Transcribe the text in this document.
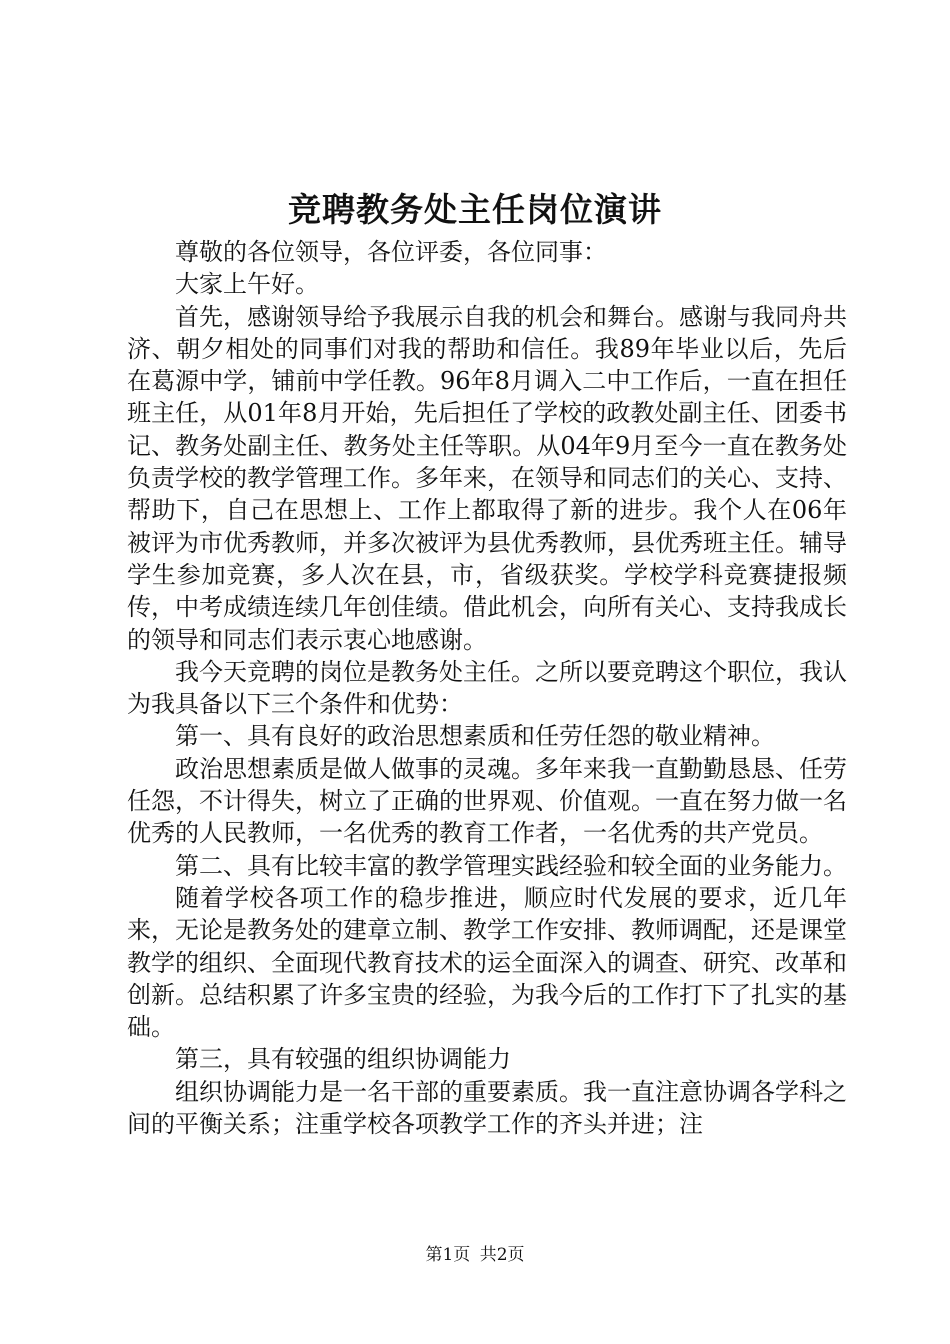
竞聘教务处主任岗位演讲

尊敬的各位领导，各位评委，各位同事：

大家上午好。

首先，感谢领导给予我展示自我的机会和舞台。感谢与我同舟共济、朝夕相处的同事们对我的帮助和信任。我89年毕业以后，先后在葛源中学，铺前中学任教。96年8月调入二中工作后，一直在担任班主任，从01年8月开始，先后担任了学校的政教处副主任、团委书记、教务处副主任、教务处主任等职。从04年9月至今一直在教务处负责学校的教学管理工作。多年来，在领导和同志们的关心、支持、帮助下，自己在思想上、工作上都取得了新的进步。我个人在06年被评为市优秀教师，并多次被评为县优秀教师，县优秀班主任。辅导学生参加竞赛，多人次在县，市，省级获奖。学校学科竞赛捷报频传，中考成绩连续几年创佳绩。借此机会，向所有关心、支持我成长的领导和同志们表示衷心地感谢。

我今天竞聘的岗位是教务处主任。之所以要竞聘这个职位，我认为我具备以下三个条件和优势：

第一、具有良好的政治思想素质和任劳任怨的敬业精神。

政治思想素质是做人做事的灵魂。多年来我一直勤勤恳恳、任劳任怨，不计得失，树立了正确的世界观、价值观。一直在努力做一名优秀的人民教师，一名优秀的教育工作者，一名优秀的共产党员。

第二、具有比较丰富的教学管理实践经验和较全面的业务能力。

随着学校各项工作的稳步推进，顺应时代发展的要求，近几年来，无论是教务处的建章立制、教学工作安排、教师调配，还是课堂教学的组织、全面现代教育技术的运全面深入的调查、研究、改革和创新。总结积累了许多宝贵的经验，为我今后的工作打下了扎实的基础。

第三，具有较强的组织协调能力

组织协调能力是一名干部的重要素质。我一直注意协调各学科之间的平衡关系；注重学校各项教学工作的齐头并进；注

第1页 共2页
